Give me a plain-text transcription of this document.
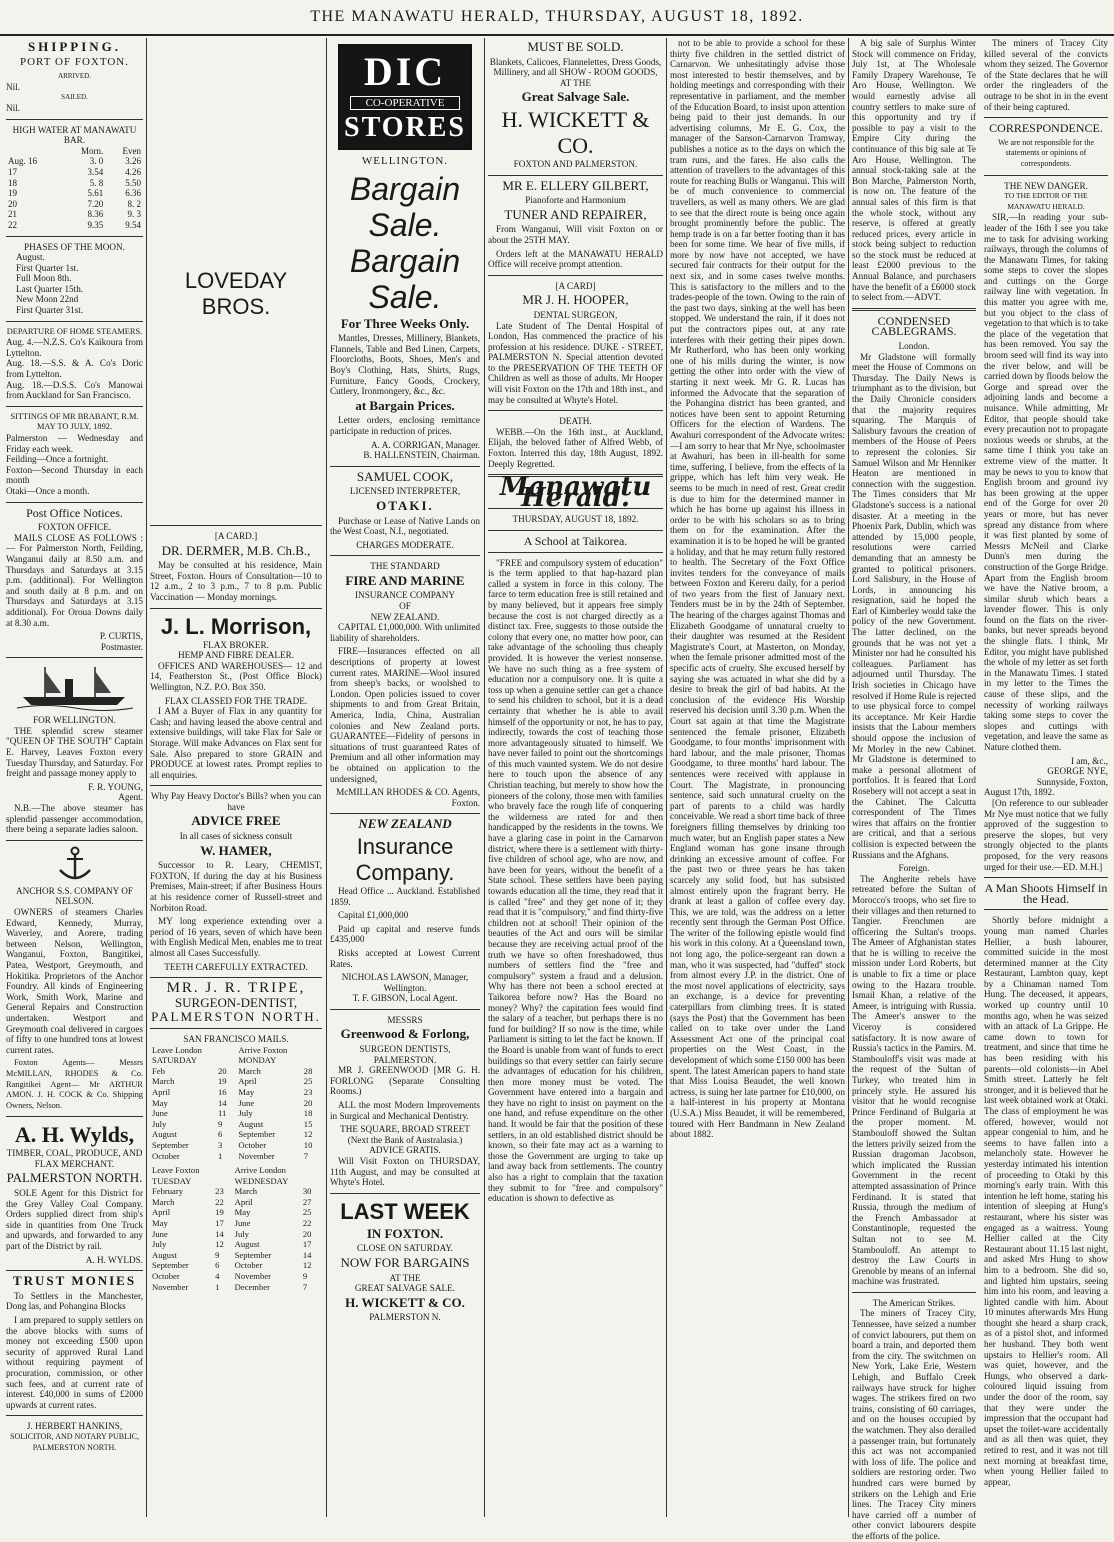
THE MANAWATU HERALD, THURSDAY, AUGUST 18, 1892.
SHIPPING.
PORT OF FOXTON.
ARRIVED.
Nil.
SAILED.
Nil.
HIGH WATER AT MANAWATU BAR.
	Morn.	Even
Aug. 16	3. 0	3.26
17	3.54	4.26
18	5. 8	5.50
19	5.61	6.36
20	7.20	8. 2
21	8.36	9. 3
22	9.35	9.54
PHASES OF THE MOON.
August.
First Quarter 1st.
Full Moon 8th.
Last Quarter 15th.
New Moon 22nd
First Quarter 31st.
DEPARTURE OF HOME STEAMERS.
Aug. 4.—N.Z.S. Co's Kaikoura from Lyttelton.
Aug. 18.—S.S. & A. Co's Doric from Lyttelton.
Aug. 18.—D.S.S. Co's Manowai from Auckland for San Francisco.
SITTINGS OF MR BRABANT, R.M. MAY TO JULY, 1892.
Palmerston — Wednesday and Friday each week.
Feilding—Once a fortnight.
Foxton—Second Thursday in each month
Otaki—Once a month.
Post Office Notices.
FOXTON OFFICE.

MAILS CLOSE AS FOLLOWS :— For Palmerston North, Feilding, Wanganui daily at 8.50 a.m. and Thursdays and Saturdays at 3.15 p.m. (additional). For Wellington and south daily at 8 p.m. and on Thursdays and Saturdays at 3.15 additional). For Oroua Downs daily at 8.30 a.m.

P. CURTIS,
Postmaster.
FOR WELLINGTON.

THE splendid screw steamer "QUEEN OF THE SOUTH" Captain E. Harvey, Leaves Foxton every Tuesday Thursday, and Saturday. For freight and passage money apply to

F. R. YOUNG,
Agent.

N.B.—The above steamer has splendid passenger accommodation, there being a separate ladies saloon.

ANCHOR S.S. COMPANY OF NELSON.

OWNERS of steamers Charles Edward, Kennedy, Murray, Waverley, and Aorere, trading between Nelson, Wellington, Wanganui, Foxton, Bangitikei, Patea, Westport, Greymouth, and Hokitika. Proprietors of the Anchor Foundry. All kinds of Engineering Work, Smith Work, Marine and General Repairs and Construction undertaken. Westport and Greymouth coal delivered in cargoes of fifty to one hundred tons at lowest current rates.

Foxton Agents— Messrs McMILLAN, RHODES & Co. Rangitikei Agent— Mr ARTHUR AMON. J. H. COCK & Co. Shipping Owners, Nelson.

A. H. Wylds,
TIMBER, COAL, PRODUCE, AND FLAX MERCHANT.
PALMERSTON NORTH.

SOLE Agent for this District for the Grey Valley Coal Company. Orders supplied direct from ship's side in quantities from One Truck and upwards, and forwarded to any part of the District by rail.

A. H. WYLDS.
TRUST MONIES

To Settlers in the Manchester, Dong las, and Pohangina Blocks

I am prepared to supply settlers on the above blocks with sums of money not exceeding £500 upon security of approved Rural Land without requiring payment of procuration, commission, or other such fees, and at current rate of interest. £40,000 in sums of £2000 upwards at current rates.

J. HERBERT HANKINS,
SOLICITOR, AND NOTARY PUBLIC, PALMERSTON NORTH.
LOVEDAY BROS.
[A CARD.]
DR. DERMER, M.B. Ch.B.,

May be consulted at his residence, Main Street, Foxton. Hours of Consultation—10 to 12 a.m., 2 to 3 p.m., 7 to 8 p.m. Public Vaccination — Monday mornings.

J. L. Morrison,
FLAX BROKER.
HEMP AND FIBRE DEALER.

OFFICES AND WAREHOUSES— 12 and 14, Featherston St., (Post Office Block) Wellington, N.Z. P.O. Box 350.

FLAX CLASSED FOR THE TRADE.

I AM a Buyer of Flax in any quantity for Cash; and having leased the above central and extensive buildings, will take Flax for Sale or Storage. Will make Advances on Flax sent for Sale. Also prepared to store GRAIN and PRODUCE at lowest rates. Prompt replies to all enquiries.

Why Pay Heavy Doctor's Bills? when you can have
ADVICE FREE
In all cases of sickness consult
W. HAMER,

Successor to R. Leary, CHEMIST, FOXTON, If during the day at his Business Premises, Main-street; if after Business Hours at his residence corner of Russell-street and Norbiton Road.

MY long experience extending over a period of 16 years, seven of which have been with English Medical Men, enables me to treat almost all Cases Successfully.

TEETH CAREFULLY EXTRACTED.
MR. J. R. TRIPE,
SURGEON-DENTIST,
PALMERSTON NORTH.
SAN FRANCISCO MAILS.
Leave London		Arrive Foxton	
SATURDAY		MONDAY	
Feb	20	March	28
March	19	April	25
April	16	May	23
May	14	June	20
June	11	July	18
July	9	August	15
August	6	September	12
September	3	October	10
October	1	November	7
Leave Foxton		Arrive London	
TUESDAY		WEDNESDAY	
February	23	March	30
March	22	April	27
April	19	May	25
May	17	June	22
June	14	July	20
July	12	August	17
August	9	September	14
September	6	October	12
October	4	November	9
November	1	December	7
DIC
CO-OPERATIVE
STORES
WELLINGTON.
Bargain Sale.
Bargain Sale.
For Three Weeks Only.

Mantles, Dresses, Millinery, Blankets, Flannels, Table and Bed Linen, Carpets, Floorcloths, Boots, Shoes, Men's and Boy's Clothing, Hats, Shirts, Rugs, Furniture, Fancy Goods, Crockery, Cutlery, Ironmongery, &c., &c.

at Bargain Prices.

Letter orders, enclosing remittance participate in reduction of prices.

A. A. CORRIGAN, Manager.
B. HALLENSTEIN, Chairman.
SAMUEL COOK,
LICENSED INTERPRETER,
OTAKI.

Purchase or Lease of Native Lands on the West Coast, N.I., negotiated.

CHARGES MODERATE.
THE STANDARD
FIRE AND MARINE
INSURANCE COMPANY
OF
NEW ZEALAND.

CAPITAL £1,000,000. With unlimited liability of shareholders.

FIRE—Insurances effected on all descriptions of property at lowest current rates. MARINE—Wool insured from sheep's backs, or woolshed to London. Open policies issued to cover shipments to and from Great Britain, America, India, China, Australian colonies and New Zealand ports. GUARANTEE—Fidelity of persons in situations of trust guaranteed Rates of Premium and all other information may be obtained on application to the undersigned,

McMILLAN RHODES & CO. Agents, Foxton.
NEW ZEALAND
Insurance Company.

Head Office ... Auckland. Established 1859.

Capital £1,000,000

Paid up capital and reserve funds £435,000

Risks accepted at Lowest Current Rates.

NICHOLAS LAWSON, Manager, Wellington.
T. F. GIBSON, Local Agent.
MESSRS
Greenwood & Forlong,
SURGEON DENTISTS, PALMERSTON.

MR J. GREENWOOD [MR G. H. FORLONG (Separate Consulting Rooms.)

ALL the most Modern Improvements in Surgical and Mechanical Dentistry.

THE SQUARE, BROAD STREET (Next the Bank of Australasia.)
ADVICE GRATIS.

Will Visit Foxton on THURSDAY, 11th August, and may be consulted at Whyte's Hotel.

LAST WEEK
IN FOXTON.
CLOSE ON SATURDAY.
NOW FOR BARGAINS
AT THE
GREAT SALVAGE SALE.
H. WICKETT & CO.
PALMERSTON N.
MUST BE SOLD.
Blankets, Calicoes, Flannelettes, Dress Goods, Millinery, and all SHOW - ROOM GOODS,
AT THE
Great Salvage Sale.
H. WICKETT & CO.
FOXTON AND PALMERSTON.
MR E. ELLERY GILBERT,
Pianoforte and Harmonium
TUNER AND REPAIRER,

From Wanganui, Will visit Foxton on or about the 25TH MAY.

Orders left at the MANAWATU HERALD Office will receive prompt attention.

[A CARD]
MR J. H. HOOPER,
DENTAL SURGEON,

Late Student of The Dental Hospital of London, Has commenced the practice of his profession at his residence. DUKE - STREET, PALMERSTON N. Special attention devoted to the PRESERVATION OF THE TEETH OF Children as well as those of adults. Mr Hooper will visit Foxton on the 17th and 18th inst., and may be consulted at Whyte's Hotel.

DEATH.

WEBB.—On the 16th inst., at Auckland, Elijah, the beloved father of Alfred Webb, of Foxton. Interred this day, 18th August, 1892. Deeply Regretted.

Manawatu Herald.
THURSDAY, AUGUST 18, 1892.
A School at Taikorea.

"FREE and compulsory system of education" is the term applied to that hap-hazard plan called a system in force in this colony. The farce to term education free is still retained and by many believed, but it appears free simply because the cost is not charged directly as a distinct tax. Free, suggests to those outside the colony that every one, no matter how poor, can take advantage of the schooling thus cheaply provided. It is however the veriest nonsense. We have no such thing as a free system of education nor a compulsory one. It is quite a toss up when a genuine settler can get a chance to send his children to school, but it is a dead certainty that whether he is able to avail himself of the opportunity or not, he has to pay, indirectly, towards the cost of teaching those more advantageously situated to himself. We have never failed to point out the shortcomings of this much vaunted system. We do not desire here to touch upon the absence of any Christian teaching, but merely to show how the pioneers of the colony, those men with families who bravely face the rough life of conquering the wilderness are rated for and then handicapped by the residents in the towns. We have a glaring case in point in the Carnarvon district, where there is a settlement with thirty-five children of school age, who are now, and have been for years, without the benefit of a State school. These settlers have been paying towards education all the time, they read that it is called "free" and they get none of it; they read that it is "compulsory," and find thirty-five children not at school! Their opinion of the beauties of the Act and ours will be similar because they are receiving actual proof of the truth we have so often foreshadowed, thus numbers of settlers find the "free and compulsory" system a fraud and a delusion. Why has there not been a school erected at Taikorea before now? Has the Board no money? Why? the capitation fees would find the salary of a teacher, but perhaps there is no fund for building? If so now is the time, while Parliament is sitting to let the fact be known. If the Board is unable from want of funds to erect buildings so that every settler can fairly secure the advantages of education for his children, then more money must be voted. The Government have entered into a bargain and they have no right to insist on payment on the one hand, and refuse expenditure on the other hand. It would be fair that the position of these settlers, in an old established district should be known, so their fate may act as a warning to those the Government are urging to take up land away back from settlements. The country also has a right to complain that the taxation they submit to for "free and compulsory" education is shown to defective as

not to be able to provide a school for these thirty five children in the settled district of Carnarvon. We unhesitatingly advise those most interested to bestir themselves, and by holding meetings and corresponding with their representative in parliament, and the member of the Education Board, to insist upon attention being paid to their just demands. In our advertising columns, Mr E. G. Cox, the manager of the Sanson-Carnarvon Tramway, publishes a notice as to the days on which the tram runs, and the fares. He also calls the attention of travellers to the advantages of this route for reaching Bulls or Wanganui. This will be of much convenience to commercial travellers, as well as many others. We are glad to see that the direct route is being once again brought prominently before the public. The hemp trade is on a far better footing than it has been for some time. We hear of five mills, if more by now have not accepted, we have secured fair contracts for their output for the next six, and in some cases twelve months. This is satisfactory to the millers and to the trades-people of the town. Owing to the rain of the past two days, sinking at the well has been stopped. We understand the rain, if it does not put the contractors pipes out, at any rate interferes with their getting their pipes down. Mr Rutherford, who has been only working one of his mills during the winter, is now getting the other into order with the view of starting it next week. Mr G. R. Lucas has informed the Advocate that the separation of the Pohangina district has been granted, and notices have been sent to appoint Returning Officers for the election of Wardens. The Awahuri correspondent of the Advocate writes:—I am sorry to hear that Mr Nye, schoolmaster at Awahuri, has been in ill-health for some time, suffering, I believe, from the effects of la grippe, which has left him very weak. He seems to be much in need of rest. Great credit is due to him for the determined manner in which he has borne up against his illness in order to be with his scholars so as to bring them on for the examination. After the examination it is to be hoped he will be granted a holiday, and that he may return fully restored to health. The Secretary of the Foxt Office invites tenders for the conveyance of mails between Foxton and Kereru daily, for a period of two years from the first of January next. Tenders must be in by the 24th of September. The hearing of the charges against Thomas and Elizabeth Goodgame of unnatural cruelty to their daughter was resumed at the Resident Magistrate's Court, at Masterton, on Monday, when the female prisoner admitted most of the specific acts of cruelty. She excused herself by saying she was actuated in what she did by a desire to break the girl of bad habits. At the conclusion of the evidence His Worship reserved his decision until 3.30 p.m. When the Court sat again at that time the Magistrate sentenced the female prisoner, Elizabeth Goodgame, to four months' imprisonment with hard labour, and the male prisoner, Thomas Goodgame, to three months' hard labour. The sentences were received with applause in Court. The Magistrate, in pronouncing sentence, said such unnatural cruelty on the part of parents to a child was hardly conceivable. We read a short time back of three foreigners filling themselves by drinking too much water, but an English paper states a New England woman has gone insane through drinking an excessive amount of coffee. For the past two or three years he has taken scarcely any solid food, but has subsisted almost entirely upon the fragrant berry. He drank at least a gallon of coffee every day. This, we are told, was the address on a letter recently sent through the German Post Office. The writer of the following epistle would find his work in this colony. At a Queensland town, not long ago, the police-sergeant ran down a man, who it was suspected, had "duffed" stock from almost every J.P. in the district. One of the most novel applications of electricity, says an exchange, is a device for preventing caterpillars from climbing trees. It is stated (says the Post) that the Government has been called on to take over under the Land Assessment Act one of the principal coal properties on the West Coast, in the development of which some £150 000 has been spent. The latest American papers to hand state that Miss Louisa Beaudet, the well known actress, is suing her late partner for £10,000, on a half-interest in his property at Montana (U.S.A.) Miss Beaudet, it will be remembered, toured with Herr Bandmann in New Zealand about 1882.

A big sale of Surplus Winter Stock will commence on Friday, July 1st, at The Wholesale Family Drapery Warehouse, Te Aro House, Wellington. We would earnestly advise all country settlers to make sure of this opportunity and try if possible to pay a visit to the Empire City during the continuance of this big sale at Te Aro House, Wellington. The annual stock-taking sale at the Bon Marche, Palmerston North, is now on. The feature of the annual sales of this firm is that the whole stock, without any reserve, is offered at greatly reduced prices, every article in stock being subject to reduction so the stock must be reduced at least £2000 previous to the Annual Balance, and purchasers have the benefit of a £6000 stock to select from.—ADVT.

CONDENSED CABLEGRAMS.
London.

Mr Gladstone will formally meet the House of Commons on Thursday. The Daily News is triumphant as to the division, but the Daily Chronicle considers that the majority requires squaring. The Marquis of Salisbury favours the creation of members of the House of Peers to represent the colonies. Sir Samuel Wilson and Mr Henniker Heaton are mentioned in connection with the suggestion. The Times considers that Mr Gladstone's success is a national disaster. At a meeting in the Phoenix Park, Dublin, which was attended by 15,000 people, resolutions were carried demanding that an amnesty be granted to political prisoners. Lord Salisbury, in the House of Lords, in announcing his resignation, said he hoped the Earl of Kimberley would take the policy of the new Government. The latter declined, on the grounds that he was not yet a Minister nor had he consulted his colleagues. Parliament has adjourned until Thursday. The Irish societies in Chicago have resolved if Home Rule is rejected to use physical force to compel its acceptance. Mr Keir Hardie insists that the Labour members should oppose the inclusion of Mr Morley in the new Cabinet. Mr Gladstone is determined to make a personal allotment of portfolios. It is feared that Lord Rosebery will not accept a seat in the Cabinet. The Calcutta correspondent of The Times wires that affairs on the frontier are critical, and that a serious collision is expected between the Russians and the Afghans.

Foreign.

The Angherite rebels have retreated before the Sultan of Morocco's troops, who set fire to their villages and then returned to Tangier. Frenchmen are officering the Sultan's troops. The Ameer of Afghanistan states that he is willing to receive the mission under Lord Roberts, but is unable to fix a time or place owing to the Hazara trouble. Ismail Khan, a relative of the Ameer, is intriguing with Russia. The Ameer's answer to the Viceroy is considered satisfactory. It is now aware of Russia's tactics in the Pamirs. M. Stambouloff's visit was made at the request of the Sultan of Turkey, who treated him in princely style. He assured his visitor that he would recognise Prince Ferdinand of Bulgaria at the proper moment. M. Stambouloff showed the Sultan the letters privily seized from the Russian dragoman Jacobson, which implicated the Russian Government in the recent attempted assassination of Prince Ferdinand. It is stated that Russia, through the medium of the French Ambassador at Constantinople, requested the Sultan not to see M. Stambouloff. An attempt to destroy the Law Courts in Grenoble by means of an infernal machine was frustrated.

The American Strikes.

The miners of Tracey City, Tennessee, have seized a number of convict labourers, put them on board a train, and deported them from the city. The switchmen on New York, Lake Erie, Western Lehigh, and Buffalo Creek railways have struck for higher wages. The strikers fired on two trains, consisting of 60 carriages, and on the houses occupied by the watchmen. They also derailed a passenger train, but fortunately this act was not accompanied with loss of life. The police and soldiers are restoring order. Two hundred cars were burned by strikers on the Lehigh and Erie lines. The Tracey City miners have carried off a number of other convict labourers despite the efforts of the police.

The miners of Tracey City killed several of the convicts whom they seized. The Governor of the State declares that he will order the ringleaders of the outrage to be shot in in the event of their being captured.

CORRESPONDENCE.
We are not responsible for the statements or opinions of correspondents.
THE NEW DANGER.
TO THE EDITOR OF THE MANAWATU HERALD.

SIR,—In reading your sub-leader of the 16th I see you take me to task for advising working railways, through the columns of the Manawatu Times, for taking some steps to cover the slopes and cuttings on the Gorge railway line with vegetation. In this matter you agree with me, but you object to the class of vegetation to that which is to take the place of the vegetation that has been removed. You say the broom seed will find its way into the river below, and will be carried down by floods below the Gorge and spread over the adjoining lands and become a nuisance. While admitting, Mr Editor, that people should take every precaution not to propagate noxious weeds or shrubs, at the same time I think you take an extreme view of the matter. It may be news to you to know that English broom and ground ivy has been growing at the upper end of the Gorge for over 20 years or more, but has never spread any distance from where it was first planted by some of Messrs McNeil and Clarke Dunn's men during the construction of the Gorge Bridge. Apart from the English broom we have the Native broom, a similar shrub which bears a lavender flower. This is only found on the flats on the river-banks, but never spreads beyond the shingle flats. I think, Mr Editor, you might have published the whole of my letter as set forth in the Manawatu Times. I stated in my letter to the Times the cause of these slips, and the necessity of working railways taking some steps to cover the slopes and cuttings with vegetation, and leave the same as Nature clothed them.

I am, &c.,
GEORGE NYE,
Sunnyside, Foxton,
August 17th, 1892.

[On reference to our subleader Mr Nye must notice that we fully approved of the suggestion to preserve the slopes, but very strongly objected to the plants proposed, for the very reasons urged for their use.—ED. M.H.]

A Man Shoots Himself in the Head.

Shortly before midnight a young man named Charles Hellier, a bush labourer, committed suicide in the most determined manner at the City Restaurant, Lambton quay, kept by a Chinaman named Tom Hung. The deceased, it appears, worked up country until 10 months ago, when he was seized with an attack of La Grippe. He came down to town for treatment, and since that time he has been residing with his parents—old colonists—in Abel Smith street. Latterly he felt stronger, and it is believed that he last week obtained work at Otaki. The class of employment he was offered, however, would not appear congenial to him, and he seems to have fallen into a melancholy state. However he yesterday intimated his intention of proceeding to Otaki by this morning's early train. With this intention he left home, stating his intention of sleeping at Hung's restaurant, where his sister was engaged as a waitress. Young Hellier called at the City Restaurant about 11.15 last night, and asked Mrs Hung to show him to a bedroom. She did so, and lighted him upstairs, seeing him into his room, and leaving a lighted candle with him. About 10 minutes afterwards Mrs Hung thought she heard a sharp crack, as of a pistol shot, and informed her husband. They both went upstairs to Hellier's room. All was quiet, however, and the Hungs, who observed a dark-coloured liquid issuing from under the door of the room, say that they were under the impression that the occupant had upset the toilet-ware accidentally and as all then was quiet, they retired to rest, and it was not till next morning at breakfast time, when young Hellier failed to appear,
